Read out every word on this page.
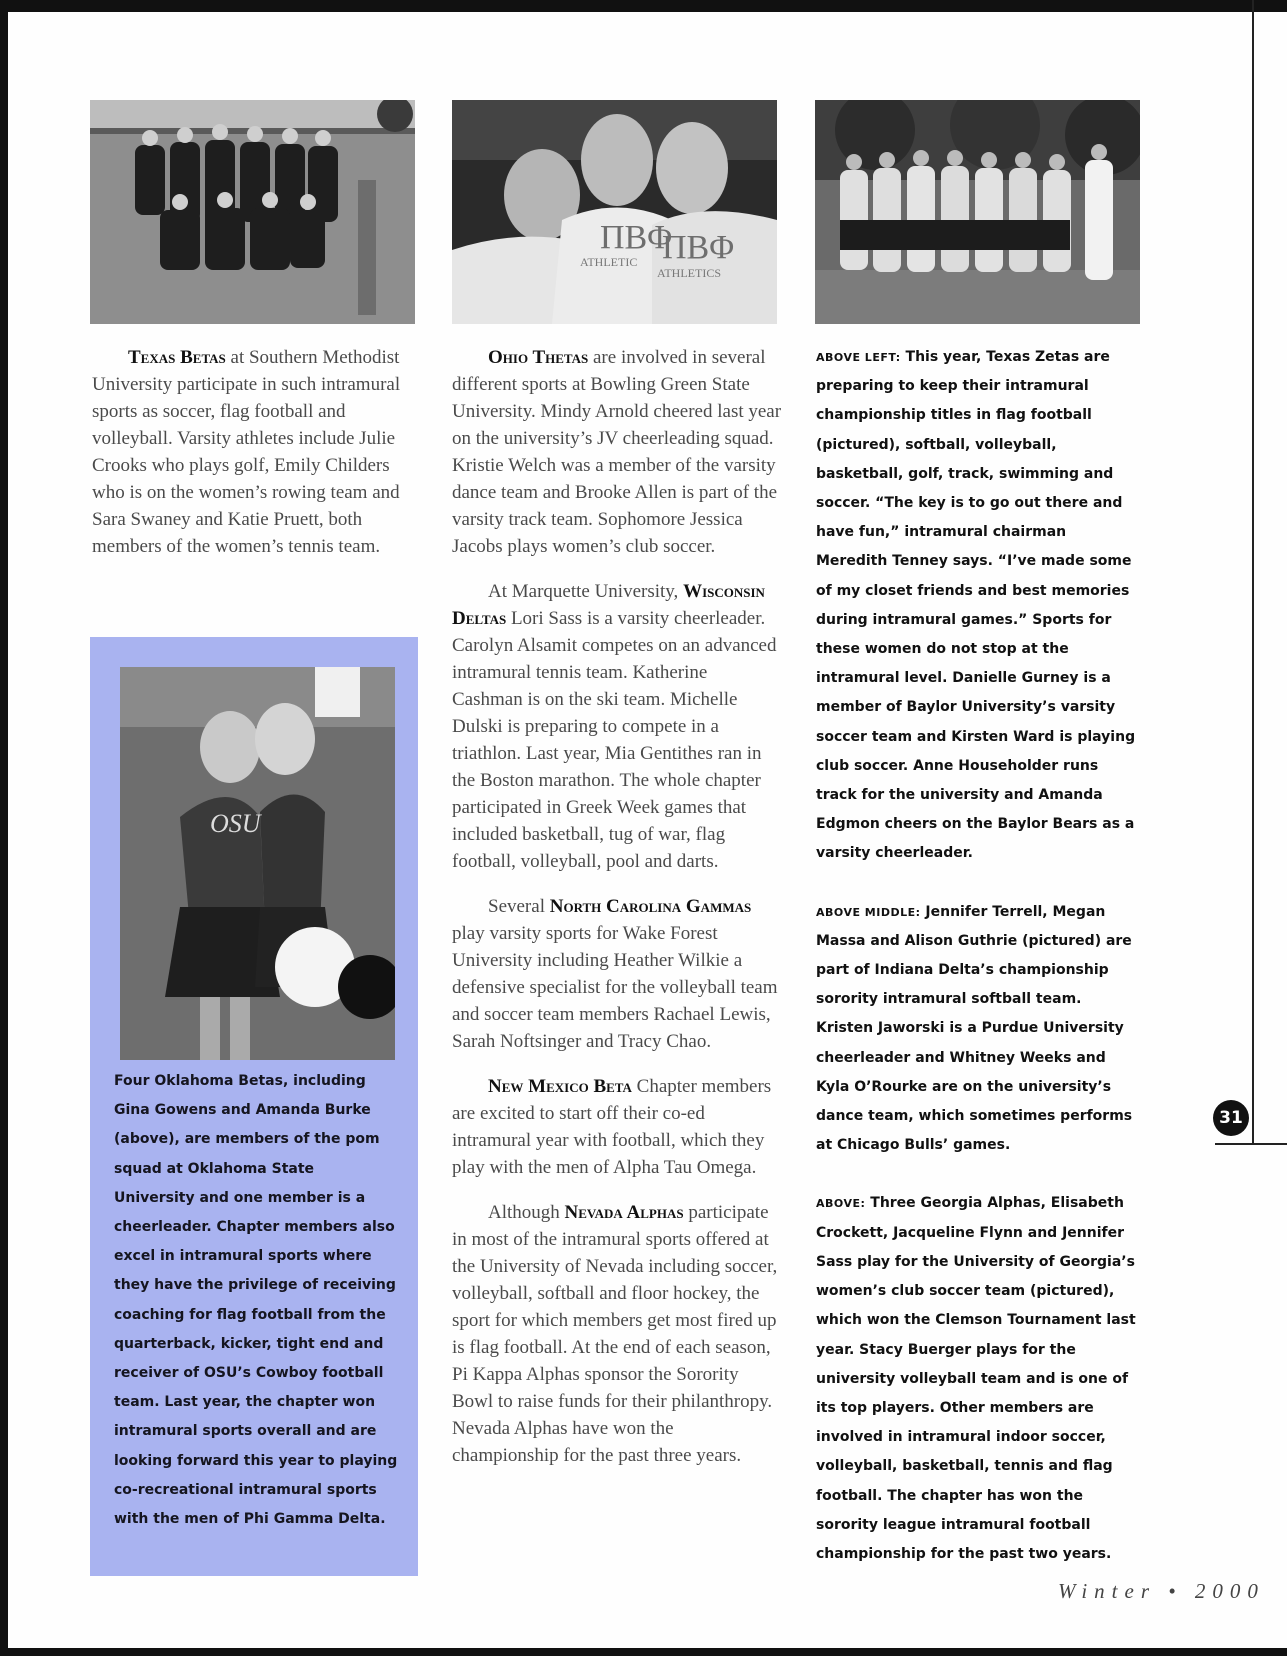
ΠΒΦ
ATHLETIC ΠΒΦ
ATHLETICS

Texas Betas at Southern Methodist University participate in such intramural sports as soccer, flag football and volleyball. Varsity athletes include Julie Crooks who plays golf, Emily Childers who is on the women’s rowing team and Sara Swaney and Katie Pruett, both members of the women’s tennis team.

OSU
Four Oklahoma Betas, including Gina Gowens and Amanda Burke (above), are members of the pom squad at Oklahoma State University and one member is a cheerleader. Chapter members also excel in intramural sports where they have the privilege of receiving coaching for flag football from the quarterback, kicker, tight end and receiver of OSU’s Cowboy football team. Last year, the chapter won intramural sports overall and are looking forward this year to playing co-recreational intramural sports with the men of Phi Gamma Delta.

Ohio Thetas are involved in several different sports at Bowling Green State University. Mindy Arnold cheered last year on the university’s JV cheerleading squad. Kristie Welch was a member of the varsity dance team and Brooke Allen is part of the varsity track team. Sophomore Jessica Jacobs plays women’s club soccer.

At Marquette University, Wisconsin Deltas Lori Sass is a varsity cheerleader. Carolyn Alsamit competes on an advanced intramural tennis team. Katherine Cashman is on the ski team. Michelle Dulski is preparing to compete in a triathlon. Last year, Mia Gentithes ran in the Boston marathon. The whole chapter participated in Greek Week games that included basketball, tug of war, flag football, volleyball, pool and darts.

Several North Carolina Gammas play varsity sports for Wake Forest University including Heather Wilkie a defensive specialist for the volleyball team and soccer team members Rachael Lewis, Sarah Noftsinger and Tracy Chao.

New Mexico Beta Chapter members are excited to start off their co-ed intramural year with football, which they play with the men of Alpha Tau Omega.

Although Nevada Alphas participate in most of the intramural sports offered at the University of Nevada including soccer, volleyball, softball and floor hockey, the sport for which members get most fired up is flag football. At the end of each season, Pi Kappa Alphas sponsor the Sorority Bowl to raise funds for their philanthropy. Nevada Alphas have won the championship for the past three years.

ABOVE LEFT: This year, Texas Zetas are preparing to keep their intramural championship titles in flag football (pictured), softball, volleyball, basketball, golf, track, swimming and soccer. “The key is to go out there and have fun,” intramural chairman Meredith Tenney says. “I’ve made some of my closet friends and best memories during intramural games.” Sports for these women do not stop at the intramural level. Danielle Gurney is a member of Baylor University’s varsity soccer team and Kirsten Ward is playing club soccer. Anne Householder runs track for the university and Amanda Edgmon cheers on the Baylor Bears as a varsity cheerleader.

ABOVE MIDDLE: Jennifer Terrell, Megan Massa and Alison Guthrie (pictured) are part of Indiana Delta’s championship sorority intramural softball team. Kristen Jaworski is a Purdue University cheerleader and Whitney Weeks and Kyla O’Rourke are on the university’s dance team, which sometimes performs at Chicago Bulls’ games.

ABOVE: Three Georgia Alphas, Elisabeth Crockett, Jacqueline Flynn and Jennifer Sass play for the University of Georgia’s women’s club soccer team (pictured), which won the Clemson Tournament last year. Stacy Buerger plays for the university volleyball team and is one of its top players. Other members are involved in intramural indoor soccer, volleyball, basketball, tennis and flag football. The chapter has won the sorority league intramural football championship for the past two years.

31
Winter • 2000
